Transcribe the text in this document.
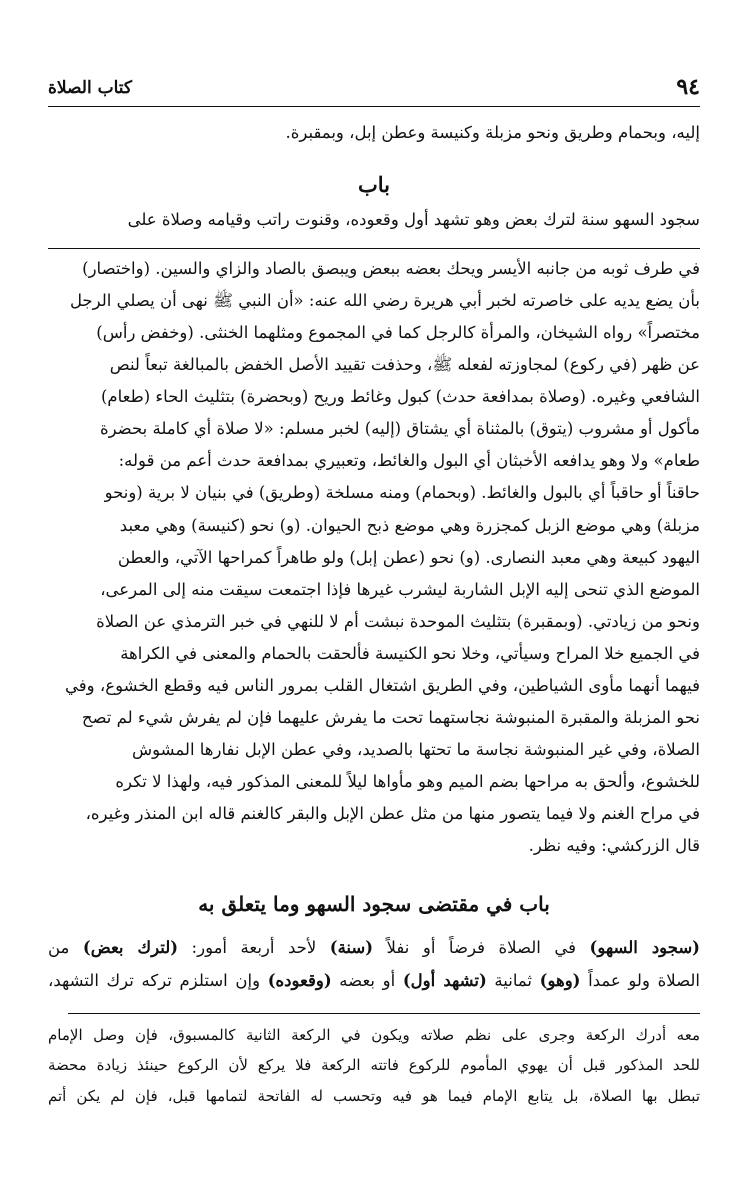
٩٤
كتاب الصلاة
إليه، وبحمام وطريق ونحو مزبلة وكنيسة وعطن إبل، وبمقبرة.
باب
سجود السهو سنة لترك بعض وهو تشهد أول وقعوده، وقنوت راتب وقيامه وصلاة على

في طرف ثوبه من جانبه الأيسر ويحك بعضه ببعض ويبصق بالصاد والزاي والسين. (واختصار)

بأن يضع يديه على خاصرته لخبر أبي هريرة رضي الله عنه: «أن النبي ﷺ نهى أن يصلي الرجل

مختصراً» رواه الشيخان، والمرأة كالرجل كما في المجموع ومثلهما الخنثى. (وخفض رأس)

عن ظهر (في ركوع) لمجاوزته لفعله ﷺ، وحذفت تقييد الأصل الخفض بالمبالغة تبعاً لنص

الشافعي وغيره. (وصلاة بمدافعة حدث) كبول وغائط وريح (وبحضرة) بتثليث الحاء (طعام)

مأكول أو مشروب (يتوق) بالمثناة أي يشتاق (إليه) لخبر مسلم: «لا صلاة أي كاملة بحضرة

طعام» ولا وهو يدافعه الأخبثان أي البول والغائط، وتعبيري بمدافعة حدث أعم من قوله:

حاقناً أو حاقباً أي بالبول والغائط. (وبحمام) ومنه مسلخة (وطريق) في بنيان لا برية (ونحو

مزبلة) وهي موضع الزبل كمجزرة وهي موضع ذبح الحيوان. (و) نحو (كنيسة) وهي معبد

اليهود كبيعة وهي معبد النصارى. (و) نحو (عطن إبل) ولو طاهراً كمراحها الآتي، والعطن

الموضع الذي تنحى إليه الإبل الشاربة ليشرب غيرها فإذا اجتمعت سيقت منه إلى المرعى،

ونحو من زيادتي. (وبمقبرة) بتثليث الموحدة نبشت أم لا للنهي في خبر الترمذي عن الصلاة

في الجميع خلا المراح وسيأتي، وخلا نحو الكنيسة فألحقت بالحمام والمعنى في الكراهة

فيهما أنهما مأوى الشياطين، وفي الطريق اشتغال القلب بمرور الناس فيه وقطع الخشوع، وفي

نحو المزبلة والمقبرة المنبوشة نجاستهما تحت ما يفرش عليهما فإن لم يفرش شيء لم تصح

الصلاة، وفي غير المنبوشة نجاسة ما تحتها بالصديد، وفي عطن الإبل نفارها المشوش

للخشوع، وألحق به مراحها بضم الميم وهو مأواها ليلاً للمعنى المذكور فيه، ولهذا لا تكره

في مراح الغنم ولا فيما يتصور منها من مثل عطن الإبل والبقر كالغنم قاله ابن المنذر وغيره،

قال الزركشي: وفيه نظر.

باب في مقتضى سجود السهو وما يتعلق به
(سجود السهو) في الصلاة فرضاً أو نفلاً (سنة) لأحد أربعة أمور: (لترك بعض) من
الصلاة ولو عمداً (وهو) ثمانية (تشهد أول) أو بعضه (وقعوده) وإن استلزم تركه ترك التشهد،
معه أدرك الركعة وجرى على نظم صلاته ويكون في الركعة الثانية كالمسبوق، فإن وصل الإمام
للحد المذكور قبل أن يهوي المأموم للركوع فاتته الركعة فلا يركع لأن الركوع حينئذ زيادة محضة
تبطل بها الصلاة، بل يتابع الإمام فيما هو فيه وتحسب له الفاتحة لتمامها قبل، فإن لم يكن أتم
